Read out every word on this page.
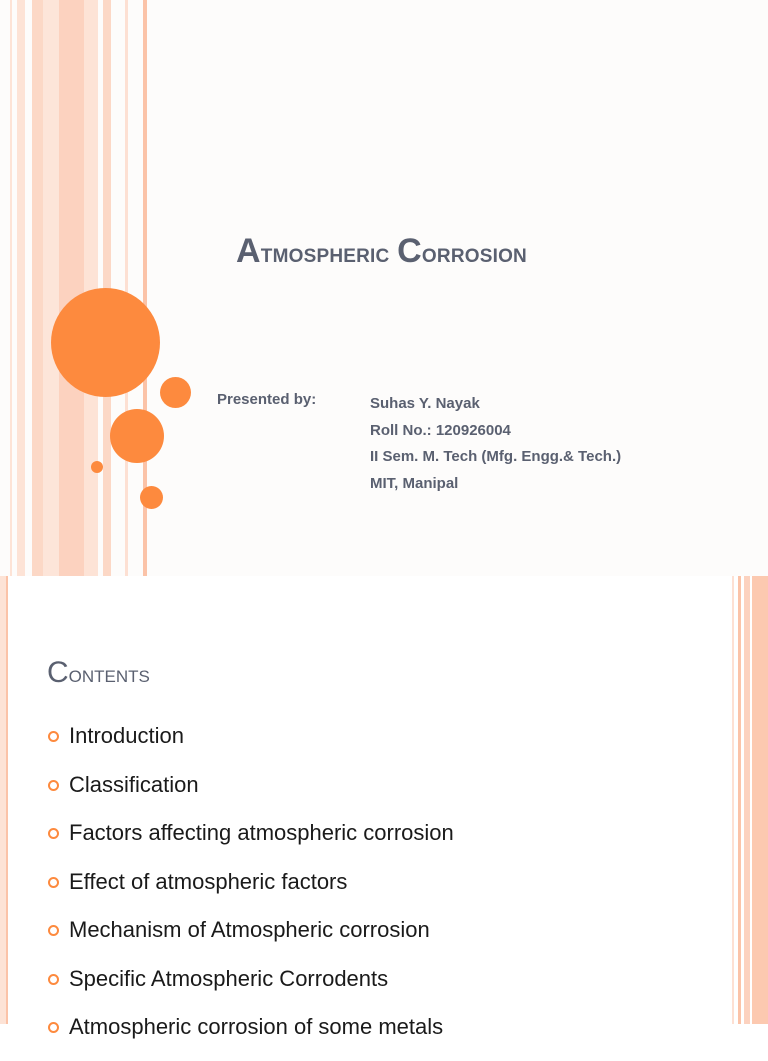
Atmospheric Corrosion
Presented by:	Suhas Y. Nayak
Roll No.: 120926004
II Sem. M. Tech (Mfg. Engg.& Tech.)
MIT, Manipal
Contents
Introduction
Classification
Factors affecting atmospheric corrosion
Effect of atmospheric factors
Mechanism of Atmospheric corrosion
Specific Atmospheric Corrodents
Atmospheric corrosion of some metals
